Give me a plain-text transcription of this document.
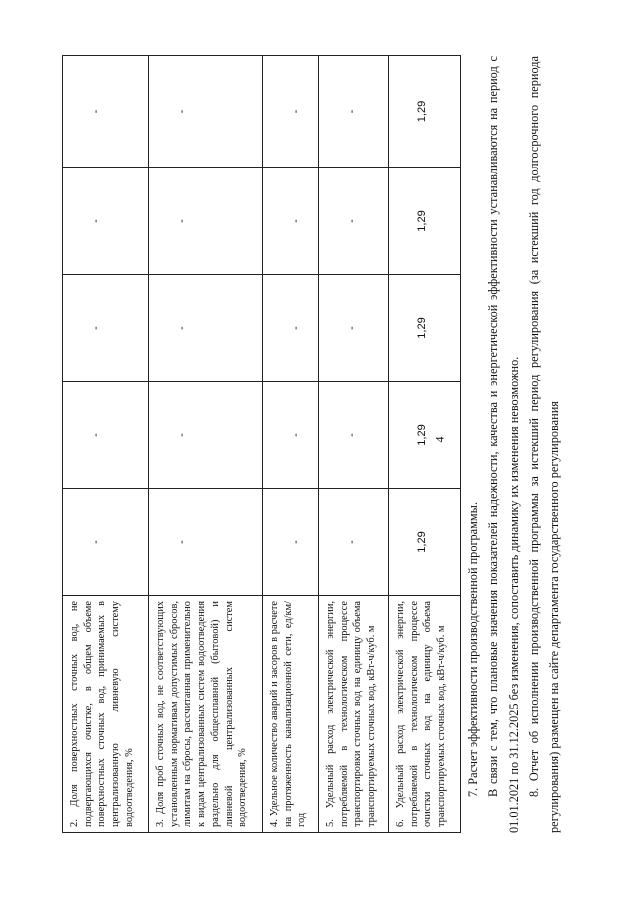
4
2. Доля поверхностных сточных вод, не подвергающихся очистке, в общем объеме поверхностных сточных вод, принимаемых в централизованную ливневую систему водоотведения, %	-	-	-	-	-
3. Доля проб сточных вод, не соответствующих установленным нормативам допустимых сбросов, лимитам на сбросы, рассчитанная применительно к видам централизованных систем водоотведения раздельно для общесплавной (бытовой) и ливневой централизованных систем водоотведения, %	-	-	-	-	-
4. Удельное количество аварий и засоров в расчете на протяженность канализационной сети, ед/км/год	-	-	-	-	-
5. Удельный расход электрической энергии, потребляемой в технологическом процессе транспортировки сточных вод на единицу объема транспортируемых сточных вод, кВт-ч/куб. м	-	-	-	-	-
6. Удельный расход электрической энергии, потребляемой в технологическом процессе очистки сточных вод на единицу объема транспортируемых сточных вод, кВт-ч/куб. м	1,29	1,29	1,29	1,29	1,29

7. Расчет эффективности производственной программы. В связи с тем, что плановые значения показателей надежности, качества и энергетической эффективности устанавливаются на период с 01.01.2021 по 31.12.2025 без изменения, сопоставить динамику их изменения невозможно. 8. Отчет об исполнении производственной программы за истекший период регулирования (за истекший год долгосрочного периода регулирования) размещен на сайте департамента государственного регулирования
